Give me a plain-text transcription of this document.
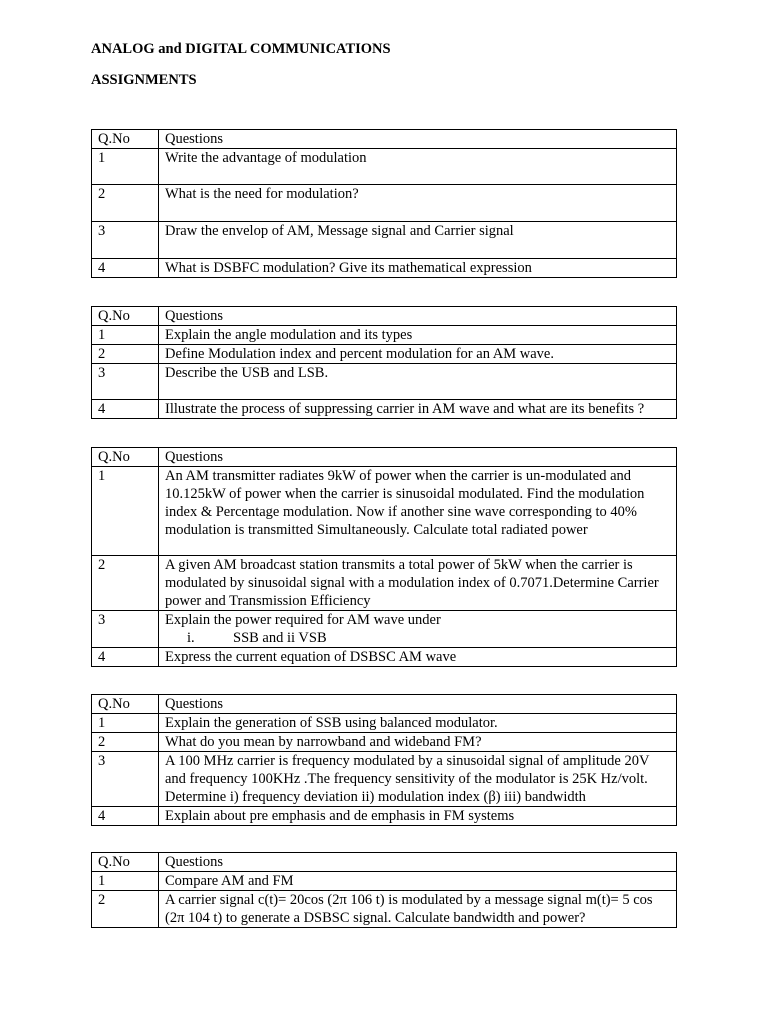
ANALOG and DIGITAL COMMUNICATIONS
ASSIGNMENTS
Q.No	Questions
1	Write the advantage of modulation
2	What is the need for modulation?
3	Draw the envelop of AM, Message signal and Carrier signal
4	What is DSBFC modulation? Give its mathematical expression
Q.No	Questions
1	Explain the angle modulation and its types
2	Define Modulation index and percent modulation for an AM wave.
3	Describe the USB and LSB.
4	Illustrate the process of suppressing carrier in AM wave and what are its benefits ?
Q.No	Questions
1	An AM transmitter radiates 9kW of power when the carrier is un-modulated and 10.125kW of power when the carrier is sinusoidal modulated. Find the modulation index & Percentage modulation. Now if another sine wave corresponding to 40% modulation is transmitted Simultaneously. Calculate total radiated power
2	A given AM broadcast station transmits a total power of 5kW when the carrier is modulated by sinusoidal signal with a modulation index of 0.7071.Determine Carrier power and Transmission Efficiency
3	Explain the power required for AM wave under
i. SSB and ii VSB

4	Express the current equation of DSBSC AM wave
Q.No	Questions
1	Explain the generation of SSB using balanced modulator.
2	What do you mean by narrowband and wideband FM?
3	A 100 MHz carrier is frequency modulated by a sinusoidal signal of amplitude 20V and frequency 100KHz .The frequency sensitivity of the modulator is 25K Hz/volt. Determine i) frequency deviation ii) modulation index (β) iii) bandwidth
4	Explain about pre emphasis and de emphasis in FM systems
Q.No	Questions
1	Compare AM and FM
2	A carrier signal c(t)= 20cos (2π 106 t) is modulated by a message signal m(t)= 5 cos (2π 104 t) to generate a DSBSC signal. Calculate bandwidth and power?
